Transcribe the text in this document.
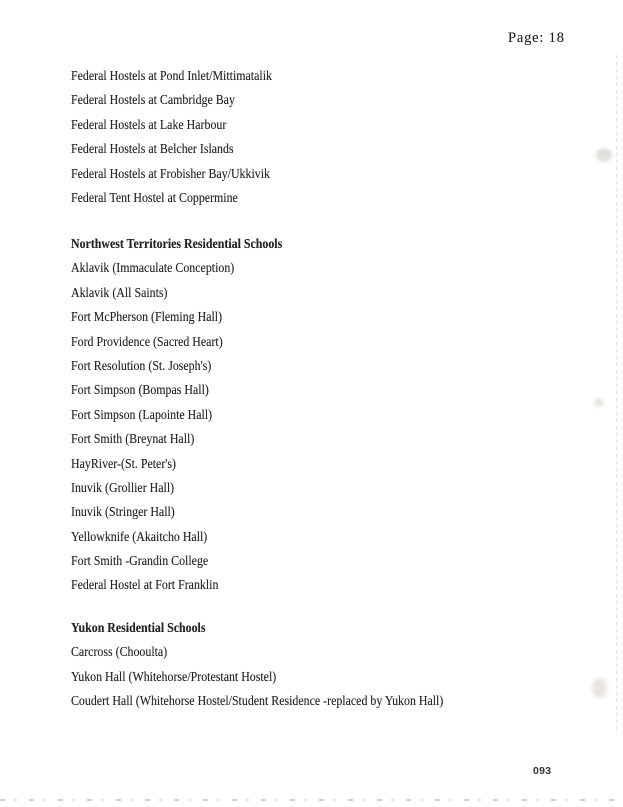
Page: 18
Federal Hostels at Pond Inlet/Mittimatalik
Federal Hostels at Cambridge Bay
Federal Hostels at Lake Harbour
Federal Hostels at Belcher Islands
Federal Hostels at Frobisher Bay/Ukkivik
Federal Tent Hostel at Coppermine
Northwest Territories Residential Schools
Aklavik (Immaculate Conception)
Aklavik (All Saints)
Fort McPherson (Fleming Hall)
Ford Providence (Sacred Heart)
Fort Resolution (St. Joseph's)
Fort Simpson (Bompas Hall)
Fort Simpson (Lapointe Hall)
Fort Smith (Breynat Hall)
HayRiver-(St. Peter's)
Inuvik (Grollier Hall)
Inuvik (Stringer Hall)
Yellowknife (Akaitcho Hall)
Fort Smith -Grandin College
Federal Hostel at Fort Franklin
Yukon Residential Schools
Carcross (Chooulta)
Yukon Hall (Whitehorse/Protestant Hostel)
Coudert Hall (Whitehorse Hostel/Student Residence -replaced by Yukon Hall)
093
